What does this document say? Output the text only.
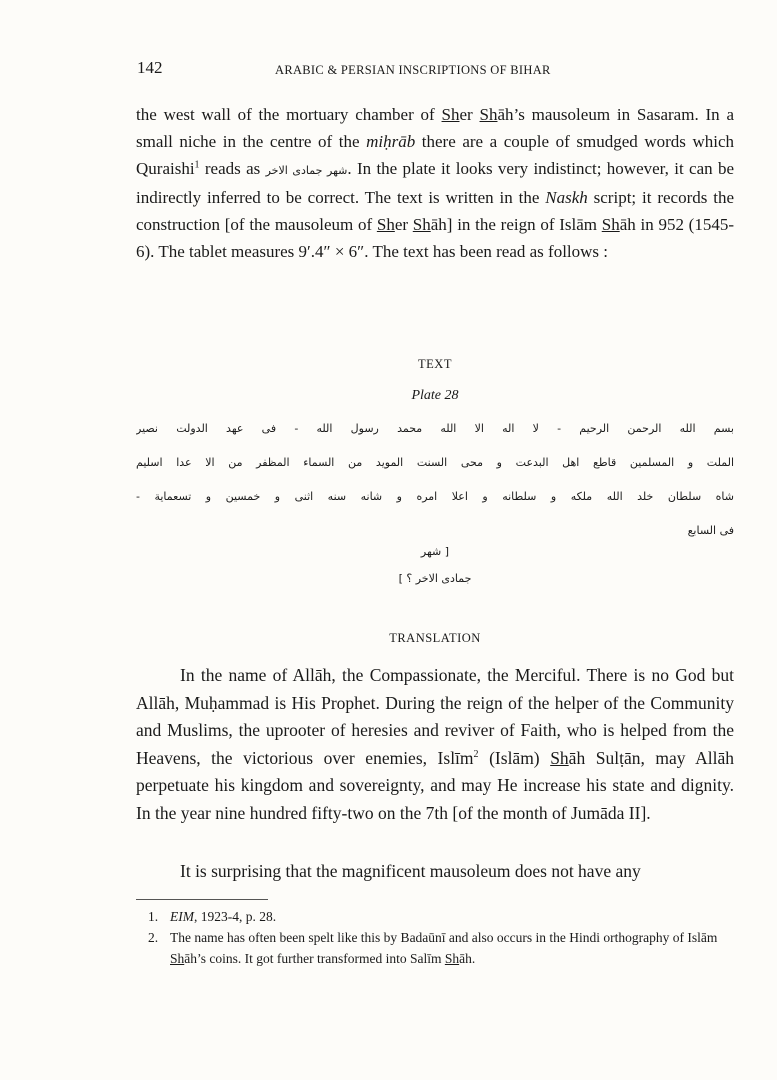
142	ARABIC & PERSIAN INSCRIPTIONS OF BIHAR

the west wall of the mortuary chamber of Sher Shāh’s mausoleum in Sasaram. In a small niche in the centre of the miḥrāb there are a couple of smudged words which Quraishi$^1$ reads as شهر جمادى الاخر. In the plate it looks very indistinct; however, it can be indirectly inferred to be correct. The text is written in the Naskh script; it records the construction [of the mausoleum of Sher Shāh] in the reign of Islām Shāh in 952 (1545-6). The tablet measures 9′.4″ × 6″. The text has been read as follows :

TEXT
Plate 28
بسم الله الرحمن الرحيم - لا اله الا الله محمد رسول الله - فى عهد الدولت نصير
الملت و المسلمين قاطع اهل البدعت و محى السنت المويد من السماء المظفر من الا عدا اسليم
شاه سلطان خلد الله ملكه و سلطانه و اعلا امره و شانه سنه اثنى و خمسين و تسعماية -
فى السابع
[ شهر
جمادى الاخر ؟ ]
TRANSLATION

In the name of Allāh, the Compassionate, the Merciful. There is no God but Allāh, Muḥammad is His Prophet. During the reign of the helper of the Community and Muslims, the uprooter of heresies and reviver of Faith, who is helped from the Heavens, the victorious over enemies, Islīm$^2$ (Islām) Shāh Sulṭān, may Allāh perpetuate his kingdom and sovereignty, and may He increase his state and dignity. In the year nine hundred fifty-two on the 7th [of the month of Jumāda II].

It is surprising that the magnificent mausoleum does not have any

1. EIM, 1923-4, p. 28.

2. The name has often been spelt like this by Badaūnī and also occurs in the Hindi orthography of Islām Shāh’s coins. It got further transformed into Salīm Shāh.
